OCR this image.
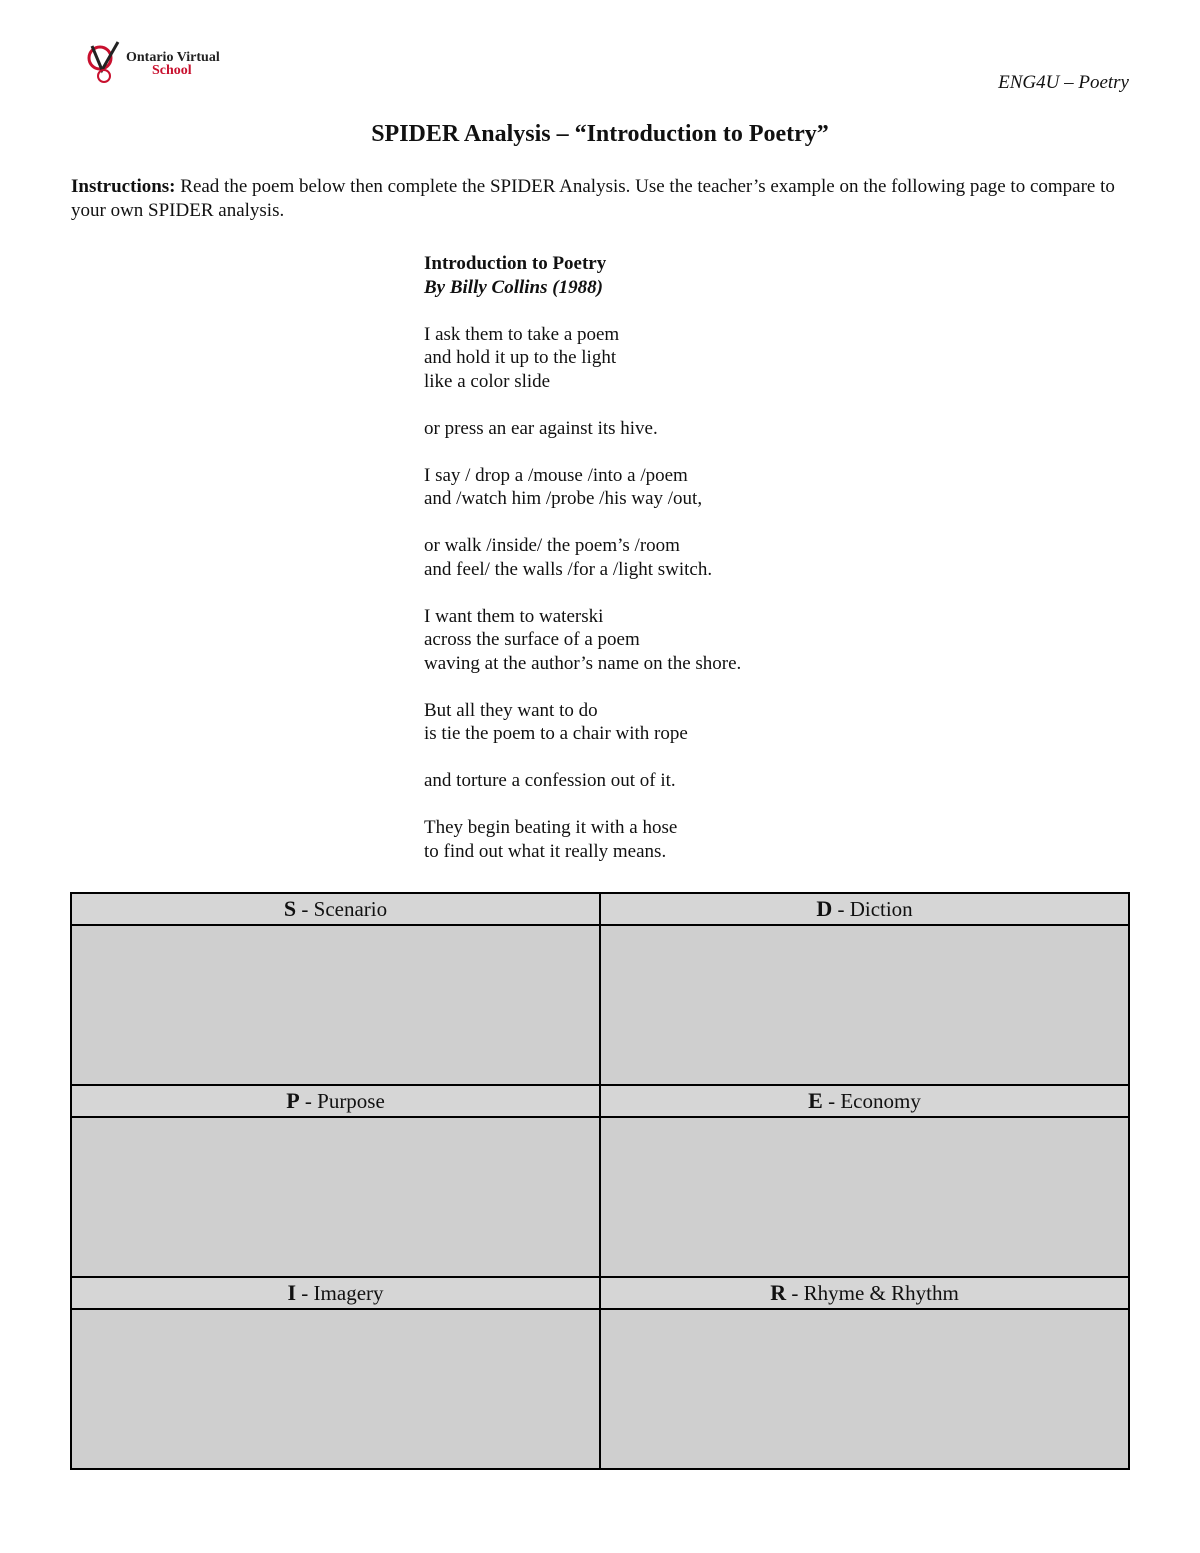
Ontario Virtual
School
ENG4U – Poetry
SPIDER Analysis – “Introduction to Poetry”
Instructions: Read the poem below then complete the SPIDER Analysis. Use the teacher’s example on the following page to compare to your own SPIDER analysis.
Introduction to Poetry
By Billy Collins (1988)
I ask them to take a poem
and hold it up to the light
like a color slide
or press an ear against its hive.
I say / drop a /mouse /into a /poem
and /watch him /probe /his way /out,
or walk /inside/ the poem’s /room
and feel/ the walls /for a /light switch.
I want them to waterski
across the surface of a poem
waving at the author’s name on the shore.
But all they want to do
is tie the poem to a chair with rope
and torture a confession out of it.
They begin beating it with a hose
to find out what it really means.
S - Scenario	D - Diction

P - Purpose	E - Economy

I - Imagery	R - Rhyme & Rhythm
